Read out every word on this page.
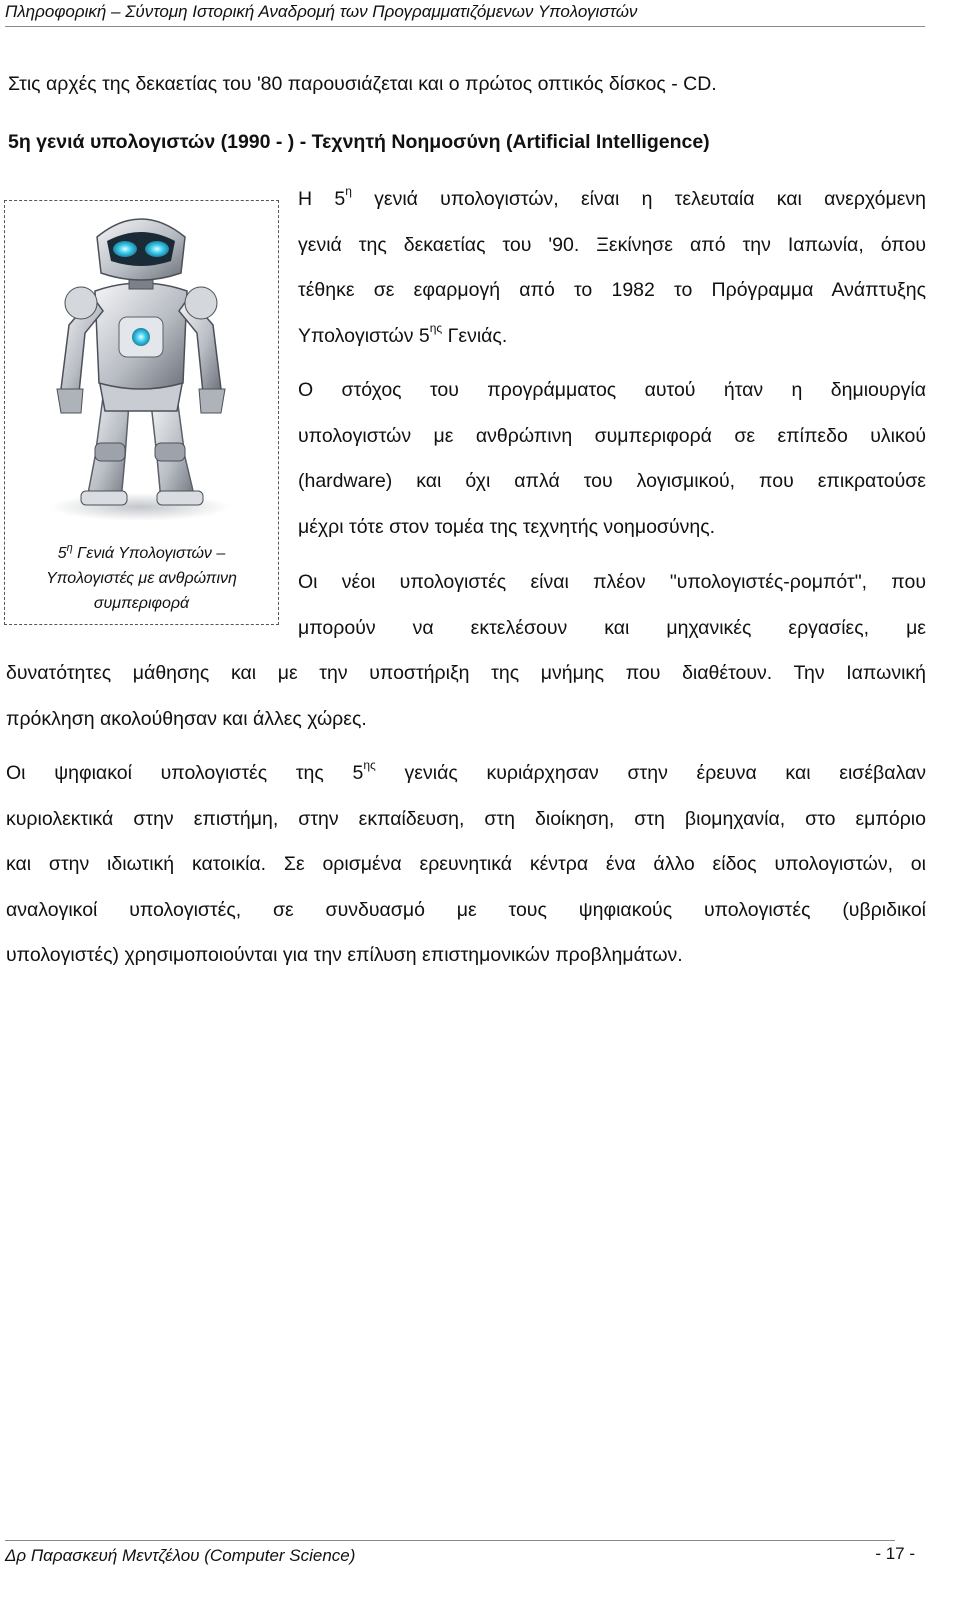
Πληροφορική – Σύντομη Ιστορική Αναδρομή των Προγραμματιζόμενων Υπολογιστών
Στις αρχές της δεκαετίας του '80 παρουσιάζεται και ο πρώτος οπτικός δίσκος - CD.
5η γενιά υπολογιστών (1990 - ) - Τεχνητή Νοημοσύνη (Artificial Intelligence)
$5^\eta$ Γενιά Υπολογιστών –
Υπολογιστές με ανθρώπινη
συμπεριφορά
Η $5^\eta$ γενιά υπολογιστών, είναι η τελευταία και ανερχόμενη
γενιά της δεκαετίας του '90. Ξεκίνησε από την Ιαπωνία, όπου
τέθηκε σε εφαρμογή από το 1982 το Πρόγραμμα Ανάπτυξης
Υπολογιστών $5^{\eta\varsigma}$ Γενιάς.
Ο στόχος του προγράμματος αυτού ήταν η δημιουργία
υπολογιστών με ανθρώπινη συμπεριφορά σε επίπεδο υλικού
(hardware) και όχι απλά του λογισμικού, που επικρατούσε
μέχρι τότε στον τομέα της τεχνητής νοημοσύνης.
Οι νέοι υπολογιστές είναι πλέον "υπολογιστές-ρομπότ", που
μπορούν να εκτελέσουν και μηχανικές εργασίες, με
δυνατότητες μάθησης και με την υποστήριξη της μνήμης που διαθέτουν. Την Ιαπωνική
πρόκληση ακολούθησαν και άλλες χώρες.
Οι ψηφιακοί υπολογιστές της $5^{\eta\varsigma}$ γενιάς κυριάρχησαν στην έρευνα και εισέβαλαν
κυριολεκτικά στην επιστήμη, στην εκπαίδευση, στη διοίκηση, στη βιομηχανία, στο εμπόριο
και στην ιδιωτική κατοικία. Σε ορισμένα ερευνητικά κέντρα ένα άλλο είδος υπολογιστών, οι
αναλογικοί υπολογιστές, σε συνδυασμό με τους ψηφιακούς υπολογιστές (υβριδικοί
υπολογιστές) χρησιμοποιούνται για την επίλυση επιστημονικών προβλημάτων.
Δρ Παρασκευή Μεντζέλου (Computer Science)	- 17 -
